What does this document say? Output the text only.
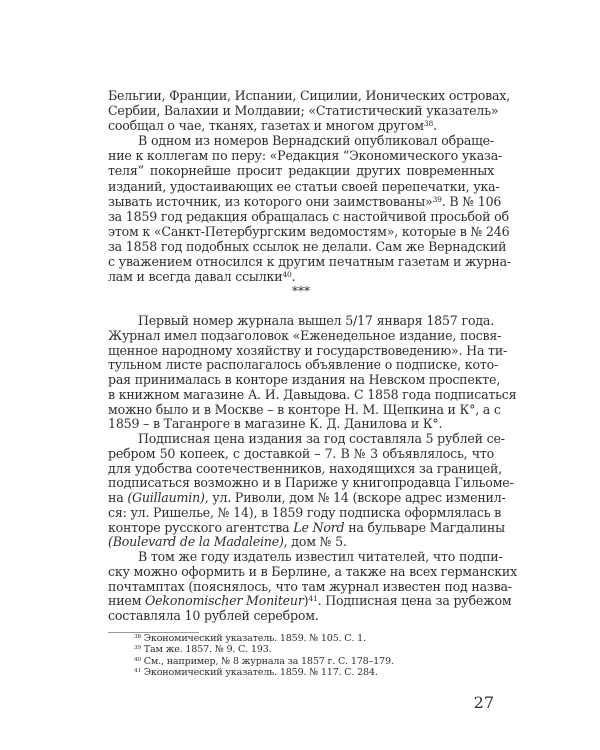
Бельгии, Франции, Испании, Сицилии, Ионических островах,
Сербии, Валахии и Молдавии; «Статистический указатель»
сообщал о чае, тканях, газетах и многом другом$^{38}$.
В одном из номеров Вернадский опубликовал обраще-
ние к коллегам по перу: «Редакция “Экономического указа-
теля” покорнейше просит редакции других повременных
изданий, удостаивающих ее статьи своей перепечатки, ука-
зывать источник, из которого они заимствованы»$^{39}$. В № 106
за 1859 год редакция обращалась с настойчивой просьбой об
этом к «Санкт-Петербургским ведомостям», которые в № 246
за 1858 год подобных ссылок не делали. Сам же Вернадский
с уважением относился к другим печатным газетам и журна-
лам и всегда давал ссылки$^{40}$.
***
Первый номер журнала вышел 5/17 января 1857 года.
Журнал имел подзаголовок «Еженедельное издание, посвя-
щенное народному хозяйству и государствоведению». На ти-
тульном листе располагалось объявление о подписке, кото-
рая принималась в конторе издания на Невском проспекте,
в книжном магазине А. И. Давыдова. С 1858 года подписаться
можно было и в Москве – в конторе Н. М. Щепкина и К°, а с
1859 – в Таганроге в магазине К. Д. Данилова и К°.
Подписная цена издания за год составляла 5 рублей се-
ребром 50 копеек, с доставкой – 7. В № 3 объявлялось, что
для удобства соотечественников, находящихся за границей,
подписаться возможно и в Париже у книгопродавца Гильоме-
на (Guillaumin), ул. Риволи, дом № 14 (вскоре адрес изменил-
ся: ул. Ришелье, № 14), в 1859 году подписка оформлялась в
конторе русского агентства Le Nord на бульваре Магдалины
(Boulevard de la Madaleine), дом № 5.
В том же году издатель известил читателей, что подпи-
ску можно оформить и в Берлине, а также на всех германских
почтамптах (пояснялось, что там журнал известен под назва-
нием Oekonomischer Moniteur)$^{41}$. Подписная цена за рубежом
составляла 10 рублей серебром.
$^{38}$ Экономический указатель. 1859. № 105. С. 1.
$^{39}$ Там же. 1857. № 9. С. 193.
$^{40}$ См., например, № 8 журнала за 1857 г. С. 178–179.
$^{41}$ Экономический указатель. 1859. № 117. С. 284.
27
